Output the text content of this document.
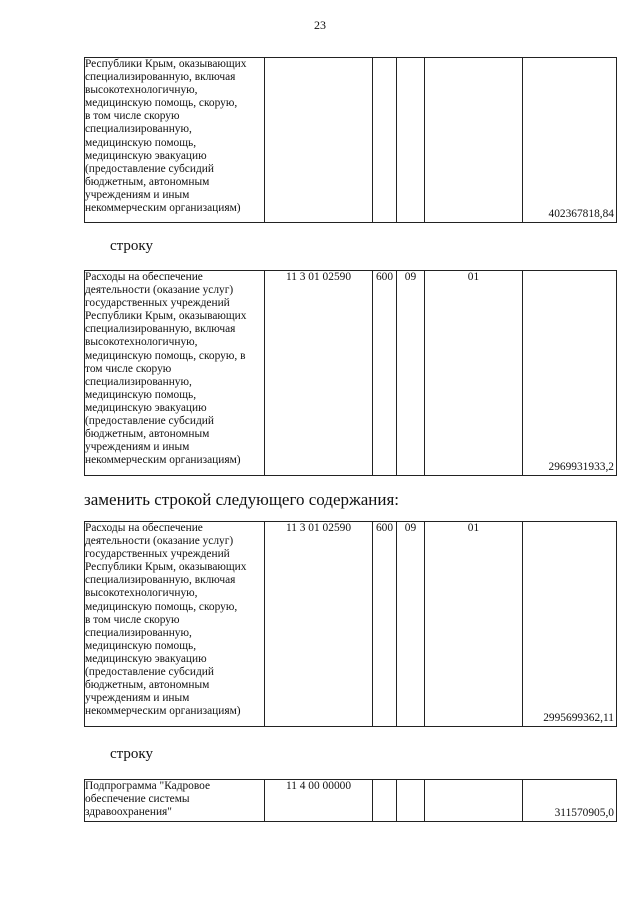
23
Республики Крым, оказывающих
специализированную, включая
высокотехнологичную,
медицинскую помощь, скорую,
в том числе скорую
специализированную,
медицинскую помощь,
медицинскую эвакуацию
(предоставление субсидий
бюджетным, автономным
учреждениям и иным
некоммерческим организациям)					402367818,84
строку
Расходы на обеспечение
деятельности (оказание услуг)
государственных учреждений
Республики Крым, оказывающих
специализированную, включая
высокотехнологичную,
медицинскую помощь, скорую, в
том числе скорую
специализированную,
медицинскую помощь,
медицинскую эвакуацию
(предоставление субсидий
бюджетным, автономным
учреждениям и иным
некоммерческим организациям)
	11 3 01 02590	600	09	01	2969931933,2
заменить строкой следующего содержания:
Расходы на обеспечение
деятельности (оказание услуг)
государственных учреждений
Республики Крым, оказывающих
специализированную, включая
высокотехнологичную,
медицинскую помощь, скорую,
в том числе скорую
специализированную,
медицинскую помощь,
медицинскую эвакуацию
(предоставление субсидий
бюджетным, автономным
учреждениям и иным
некоммерческим организациям)
	11 3 01 02590	600	09	01	2995699362,11
строку
Подпрограмма "Кадровое
обеспечение системы
здравоохранения"
	11 4 00 00000				311570905,0
